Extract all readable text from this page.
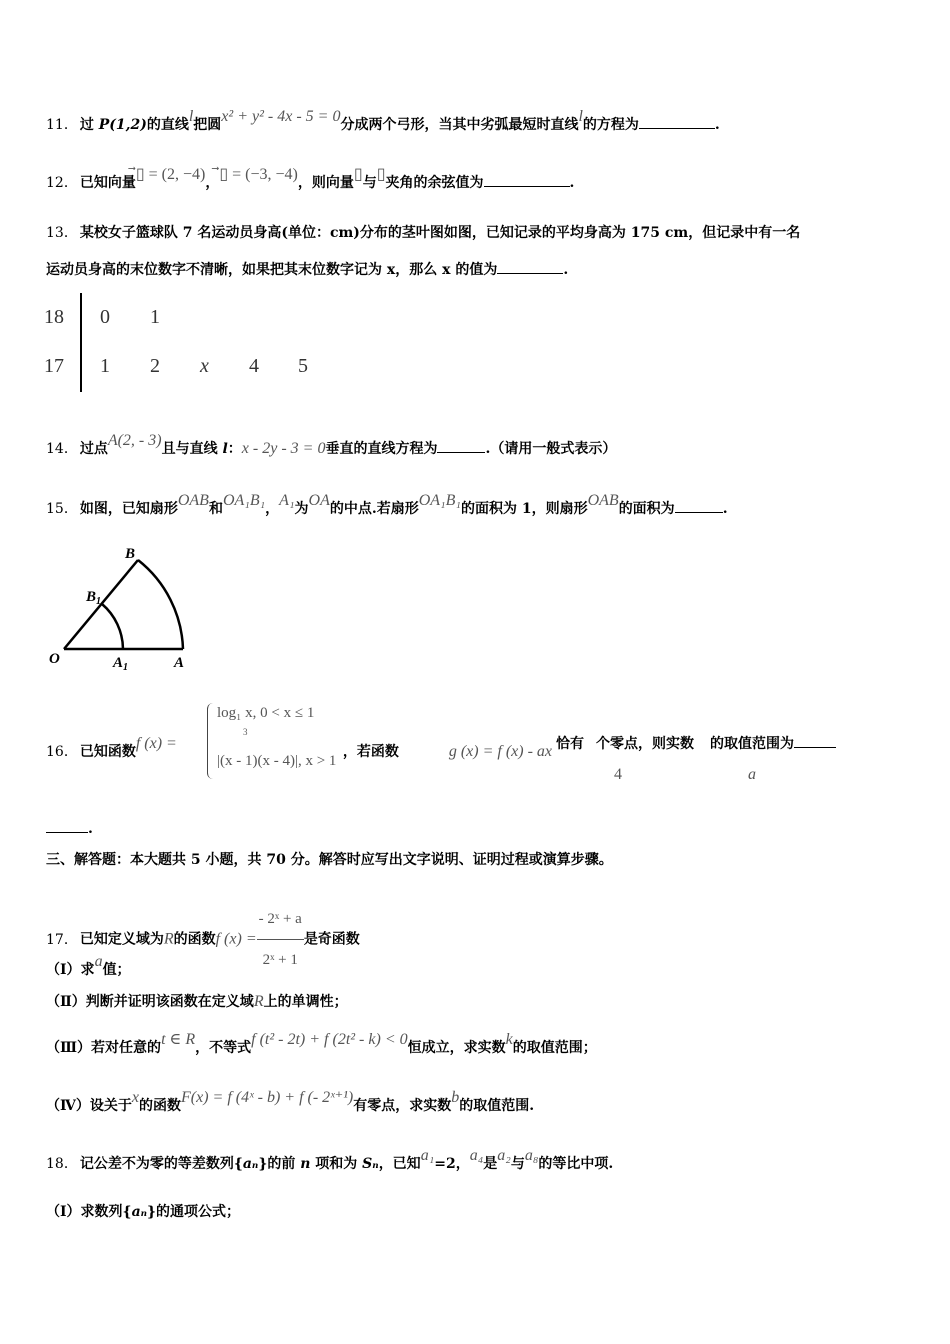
11． 过 P(1,2)的直线l把圆x² + y² - 4x - 5 = 0分成两个弓形，当其中劣弧最短时直线l的方程为	.
12． 已知向量▯ = (2, −4)，▯ = (−3, −4)，则向量▯与▯夹角的余弦值为	.
13． 某校女子篮球队 7 名运动员身高(单位：cm)分布的茎叶图如图，已知记录的平均身高为 175 cm，但记录中有一名
运动员身高的末位数字不清晰，如果把其末位数字记为 x，那么 x 的值为	.
18 0 1
17 1 2 x 4 5
14． 过点A(2, - 3)且与直线 l：x - 2y - 3 = 0垂直的直线方程为	.（请用一般式表示）
15． 如图，已知扇形OAB和OA₁B₁，A₁为OA的中点.若扇形OA₁B₁的面积为 1，则扇形OAB的面积为	.
B
$B_1$
O	$A_1$	A
16． 已知函数f (x) =	，若函数	g (x) = f (x) - ax 恰有 个零点，则实数 的取值范围为
4	a
log₁ x, 0 < x ≤ 1
3
|(x - 1)(x - 4)|, x > 1
.
三、解答题：本大题共 5 小题，共 70 分。解答时应写出文字说明、证明过程或演算步骤。
17． 已知定义域为R的函数f $(x) = \frac{\text{- 2ˣ + a}}{\text{2ˣ + 1}}$ 是奇函数
（Ⅰ）求a值；
（Ⅱ）判断并证明该函数在定义域R上的单调性；
（Ⅲ）若对任意的t ∈ R，不等式f (t² - 2t) + f (2t² - k) < 0恒成立，求实数k的取值范围；
（Ⅳ）设关于x的函数F(x) = f (4ˣ - b) + f (- 2ˣ⁺¹)有零点，求实数b的取值范围.
18． 记公差不为零的等差数列{aₙ}的前 n 项和为 Sₙ，已知a₁=2，a₄是a₂与a₈的等比中项.
（Ⅰ）求数列{aₙ}的通项公式；
